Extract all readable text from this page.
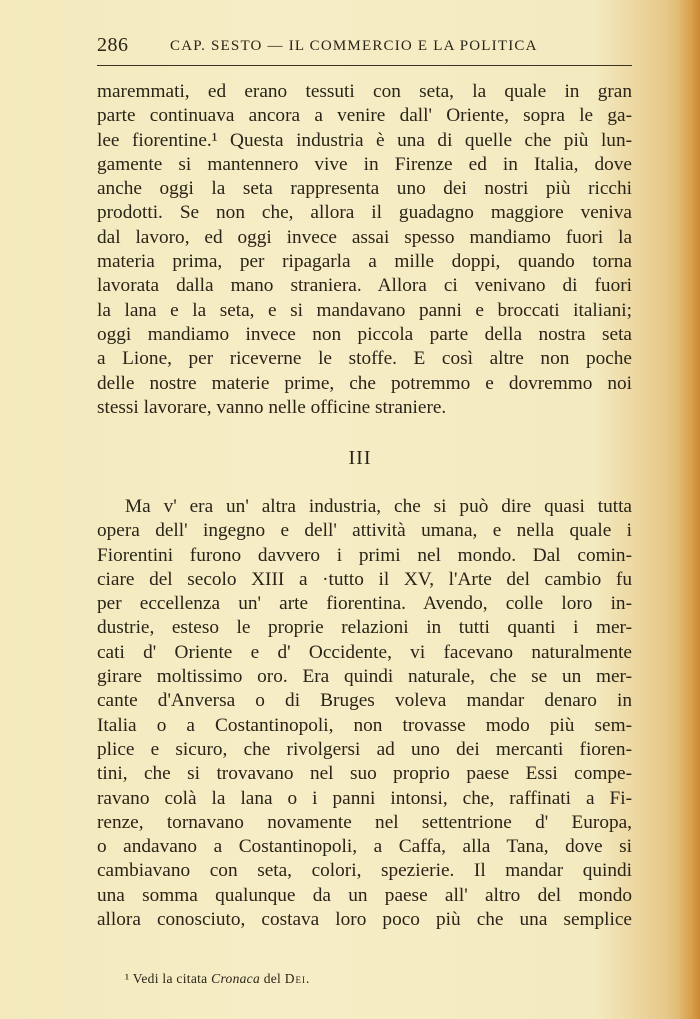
286	CAP. SESTO — IL COMMERCIO E LA POLITICA
maremmati, ed erano tessuti con seta, la quale in gran
parte continuava ancora a venire dall' Oriente, sopra le ga-
lee fiorentine.¹ Questa industria è una di quelle che più lun-
gamente si mantennero vive in Firenze ed in Italia, dove
anche oggi la seta rappresenta uno dei nostri più ricchi
prodotti. Se non che, allora il guadagno maggiore veniva
dal lavoro, ed oggi invece assai spesso mandiamo fuori la
materia prima, per ripagarla a mille doppi, quando torna
lavorata dalla mano straniera. Allora ci venivano di fuori
la lana e la seta, e si mandavano panni e broccati italiani;
oggi mandiamo invece non piccola parte della nostra seta
a Lione, per riceverne le stoffe. E così altre non poche
delle nostre materie prime, che potremmo e dovremmo noi
stessi lavorare, vanno nelle officine straniere.
III
Ma v' era un' altra industria, che si può dire quasi tutta
opera dell' ingegno e dell' attività umana, e nella quale i
Fiorentini furono davvero i primi nel mondo. Dal comin-
ciare del secolo XIII a ·tutto il XV, l'Arte del cambio fu
per eccellenza un' arte fiorentina. Avendo, colle loro in-
dustrie, esteso le proprie relazioni in tutti quanti i mer-
cati d' Oriente e d' Occidente, vi facevano naturalmente
girare moltissimo oro. Era quindi naturale, che se un mer-
cante d'Anversa o di Bruges voleva mandar denaro in
Italia o a Costantinopoli, non trovasse modo più sem-
plice e sicuro, che rivolgersi ad uno dei mercanti fioren-
tini, che si trovavano nel suo proprio paese Essi compe-
ravano colà la lana o i panni intonsi, che, raffinati a Fi-
renze, tornavano novamente nel settentrione d' Europa,
o andavano a Costantinopoli, a Caffa, alla Tana, dove si
cambiavano con seta, colori, spezierie. Il mandar quindi
una somma qualunque da un paese all' altro del mondo
allora conosciuto, costava loro poco più che una semplice
¹ Vedi la citata Cronaca del Dei.
